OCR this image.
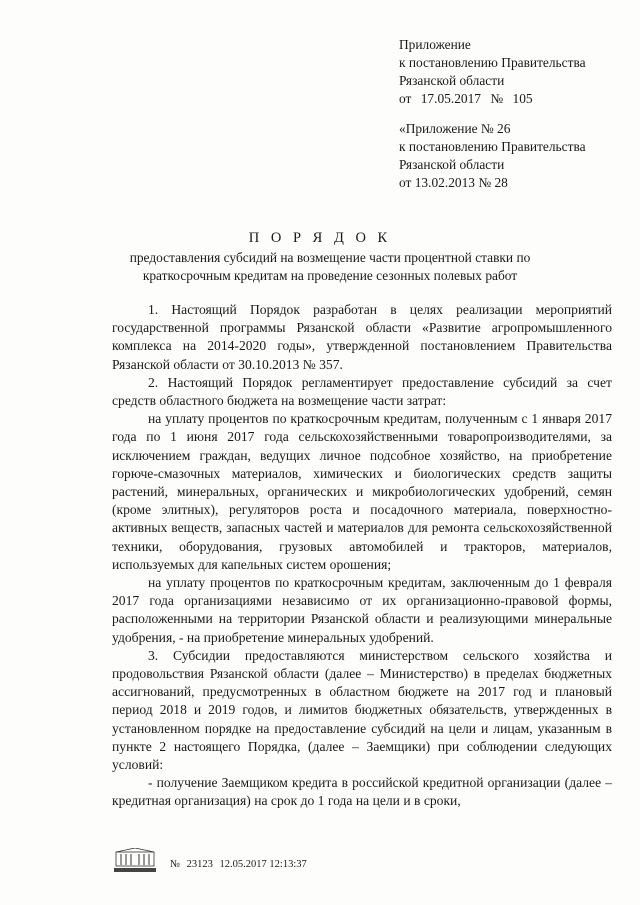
Приложение
к постановлению Правительства
Рязанской области
от 17.05.2017 № 105
«Приложение № 26
к постановлению Правительства
Рязанской области
от 13.02.2013 № 28
П О Р Я Д О К
предоставления субсидий на возмещение части процентной ставки по краткосрочным кредитам на проведение сезонных полевых работ

1. Настоящий Порядок разработан в целях реализации мероприятий государственной программы Рязанской области «Развитие агропромышленного комплекса на 2014-2020 годы», утвержденной постановлением Правительства Рязанской области от 30.10.2013 № 357.

2. Настоящий Порядок регламентирует предоставление субсидий за счет средств областного бюджета на возмещение части затрат:

на уплату процентов по краткосрочным кредитам, полученным с 1 января 2017 года по 1 июня 2017 года сельскохозяйственными товаропроизводителями, за исключением граждан, ведущих личное подсобное хозяйство, на приобретение горюче-смазочных материалов, химических и биологических средств защиты растений, минеральных, органических и микробиологических удобрений, семян (кроме элитных), регуляторов роста и посадочного материала, поверхностно-активных веществ, запасных частей и материалов для ремонта сельскохозяйственной техники, оборудования, грузовых автомобилей и тракторов, материалов, используемых для капельных систем орошения;

на уплату процентов по краткосрочным кредитам, заключенным до 1 февраля 2017 года организациями независимо от их организационно-правовой формы, расположенными на территории Рязанской области и реализующими минеральные удобрения, - на приобретение минеральных удобрений.

3. Субсидии предоставляются министерством сельского хозяйства и продовольствия Рязанской области (далее – Министерство) в пределах бюджетных ассигнований, предусмотренных в областном бюджете на 2017 год и плановый период 2018 и 2019 годов, и лимитов бюджетных обязательств, утвержденных в установленном порядке на предоставление субсидий на цели и лицам, указанным в пункте 2 настоящего Порядка, (далее – Заемщики) при соблюдении следующих условий:

- получение Заемщиком кредита в российской кредитной организации (далее – кредитная организация) на срок до 1 года на цели и в сроки,

№ 23123 12.05.2017 12:13:37
